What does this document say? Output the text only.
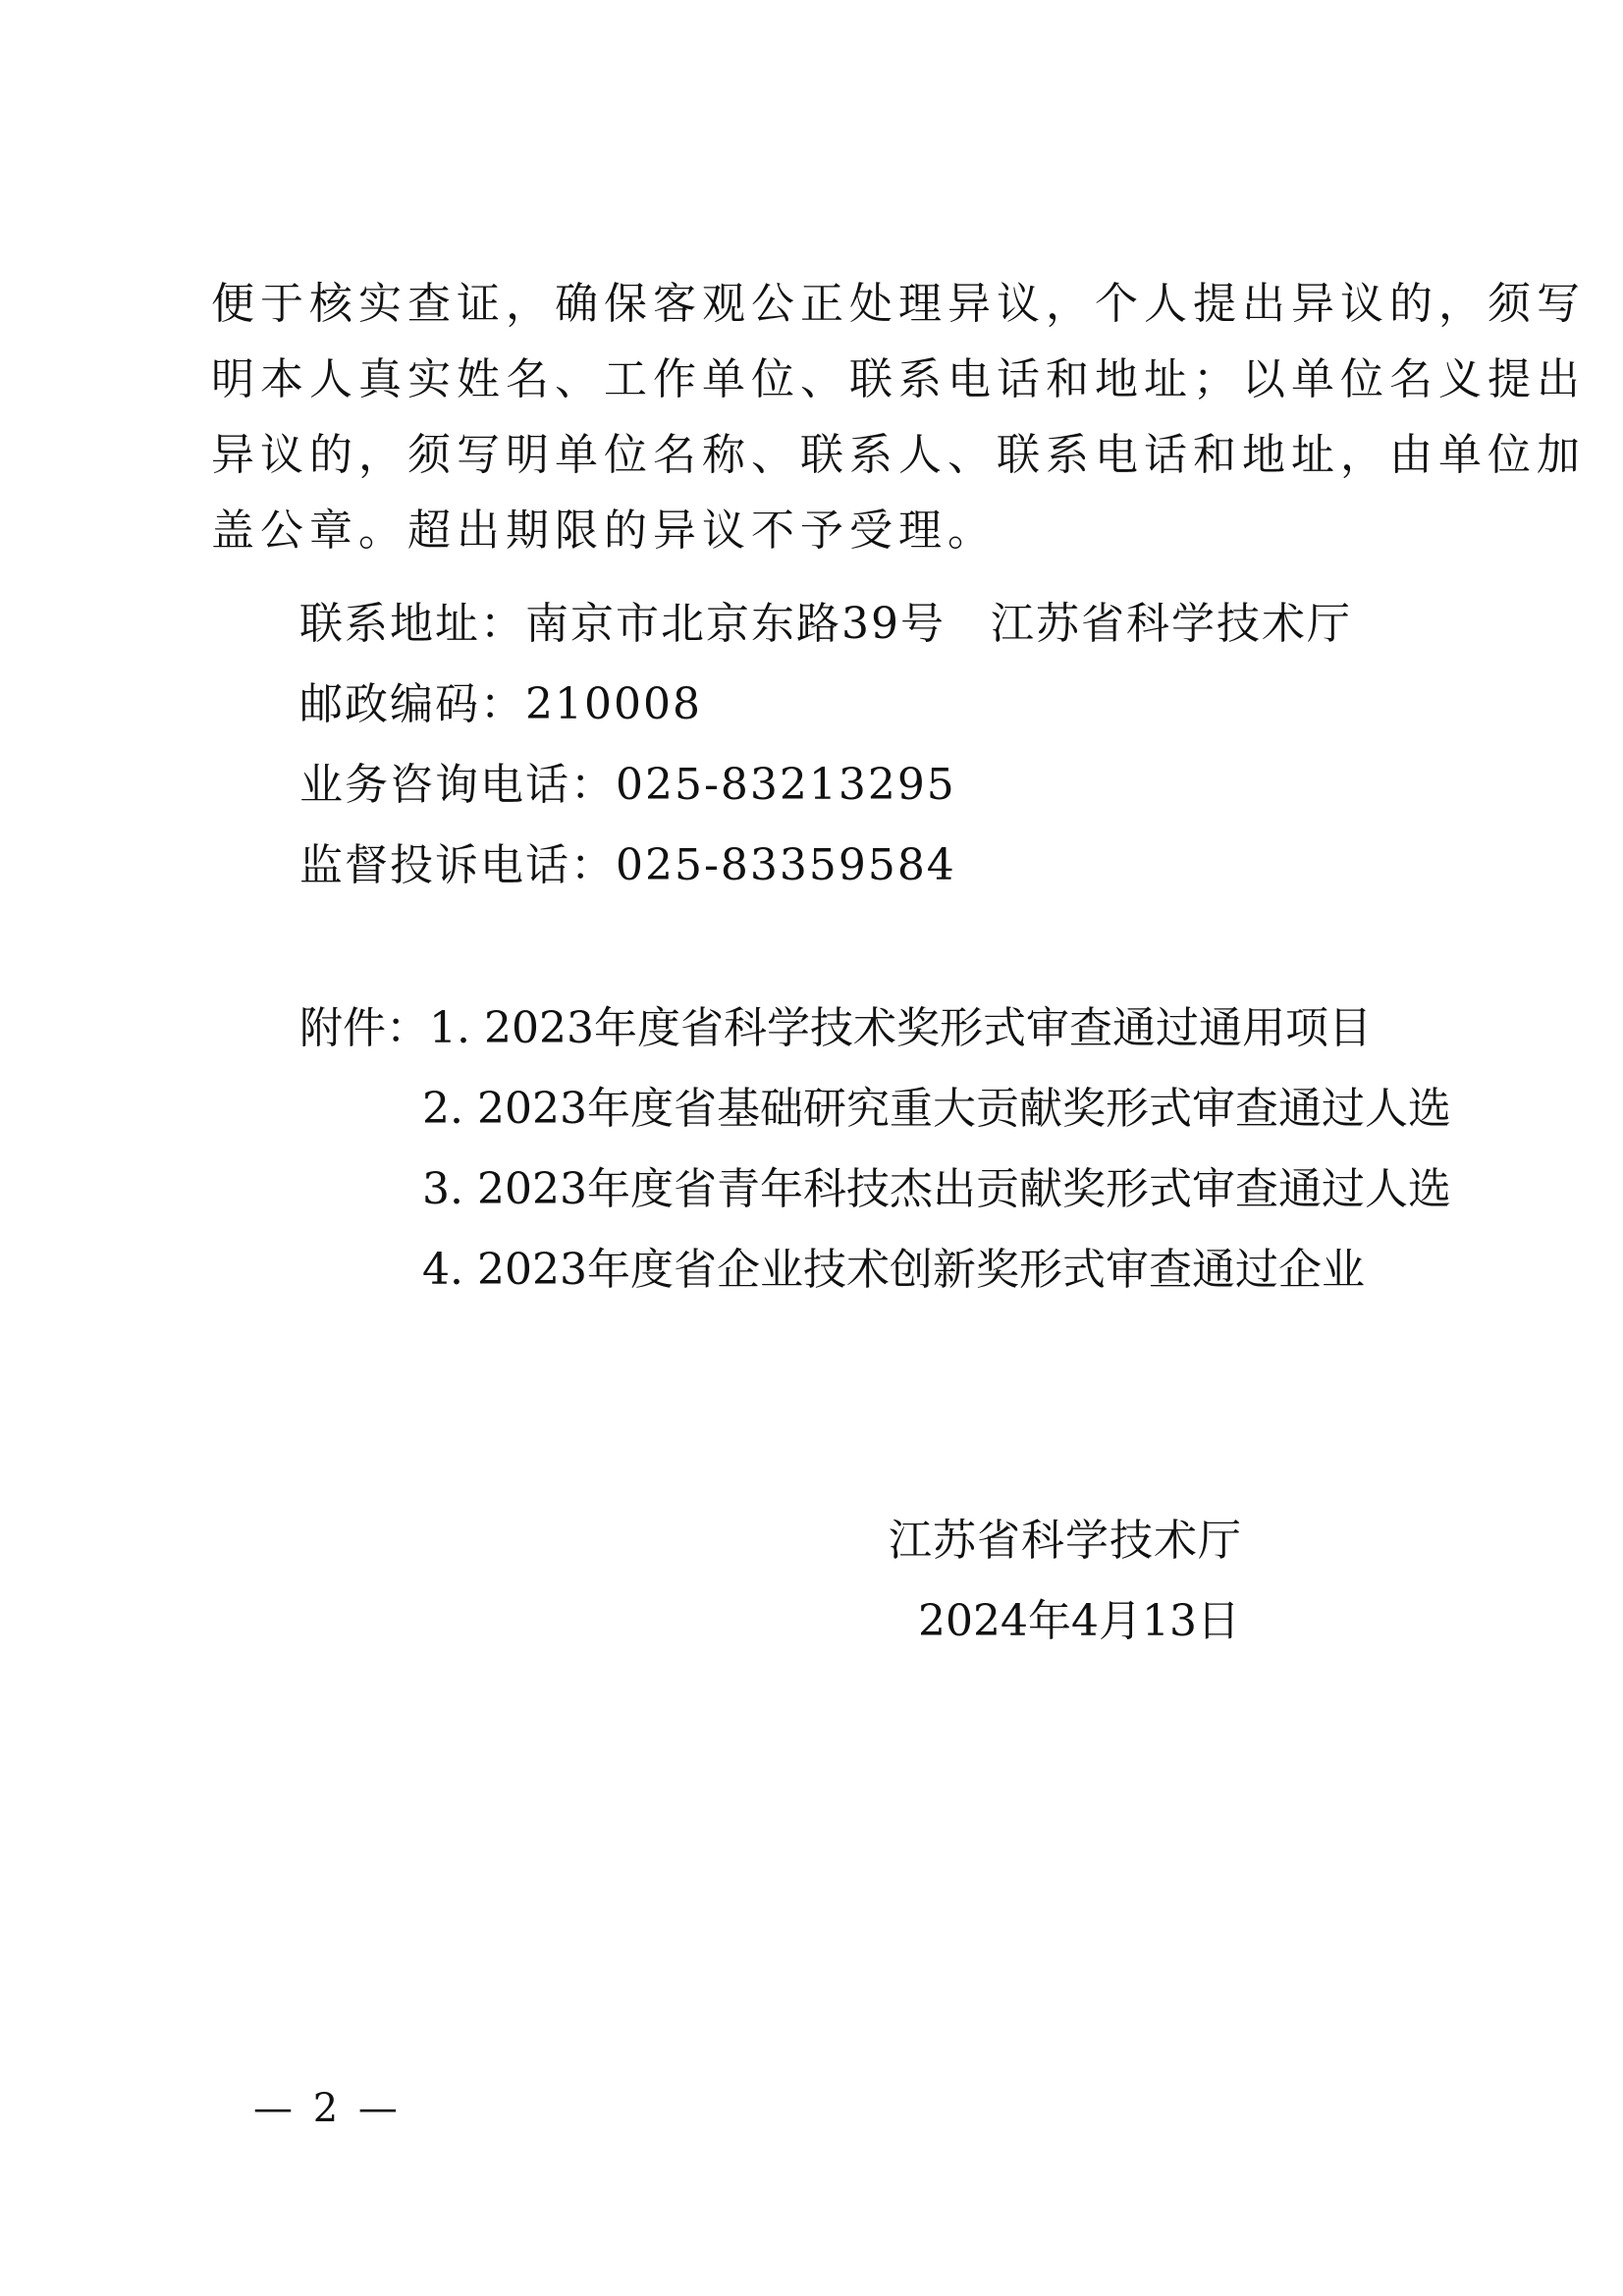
便于核实查证，确保客观公正处理异议，个人提出异议的，须写
明本人真实姓名、工作单位、联系电话和地址；以单位名义提出
异议的，须写明单位名称、联系人、联系电话和地址，由单位加
盖公章。超出期限的异议不予受理。
联系地址：南京市北京东路39号　江苏省科学技术厅
邮政编码：210008
业务咨询电话：025-83213295
监督投诉电话：025-83359584
附件：1. 2023年度省科学技术奖形式审查通过通用项目
2. 2023年度省基础研究重大贡献奖形式审查通过人选
3. 2023年度省青年科技杰出贡献奖形式审查通过人选
4. 2023年度省企业技术创新奖形式审查通过企业
江苏省科学技术厅
2024年4月13日
— 2 —
